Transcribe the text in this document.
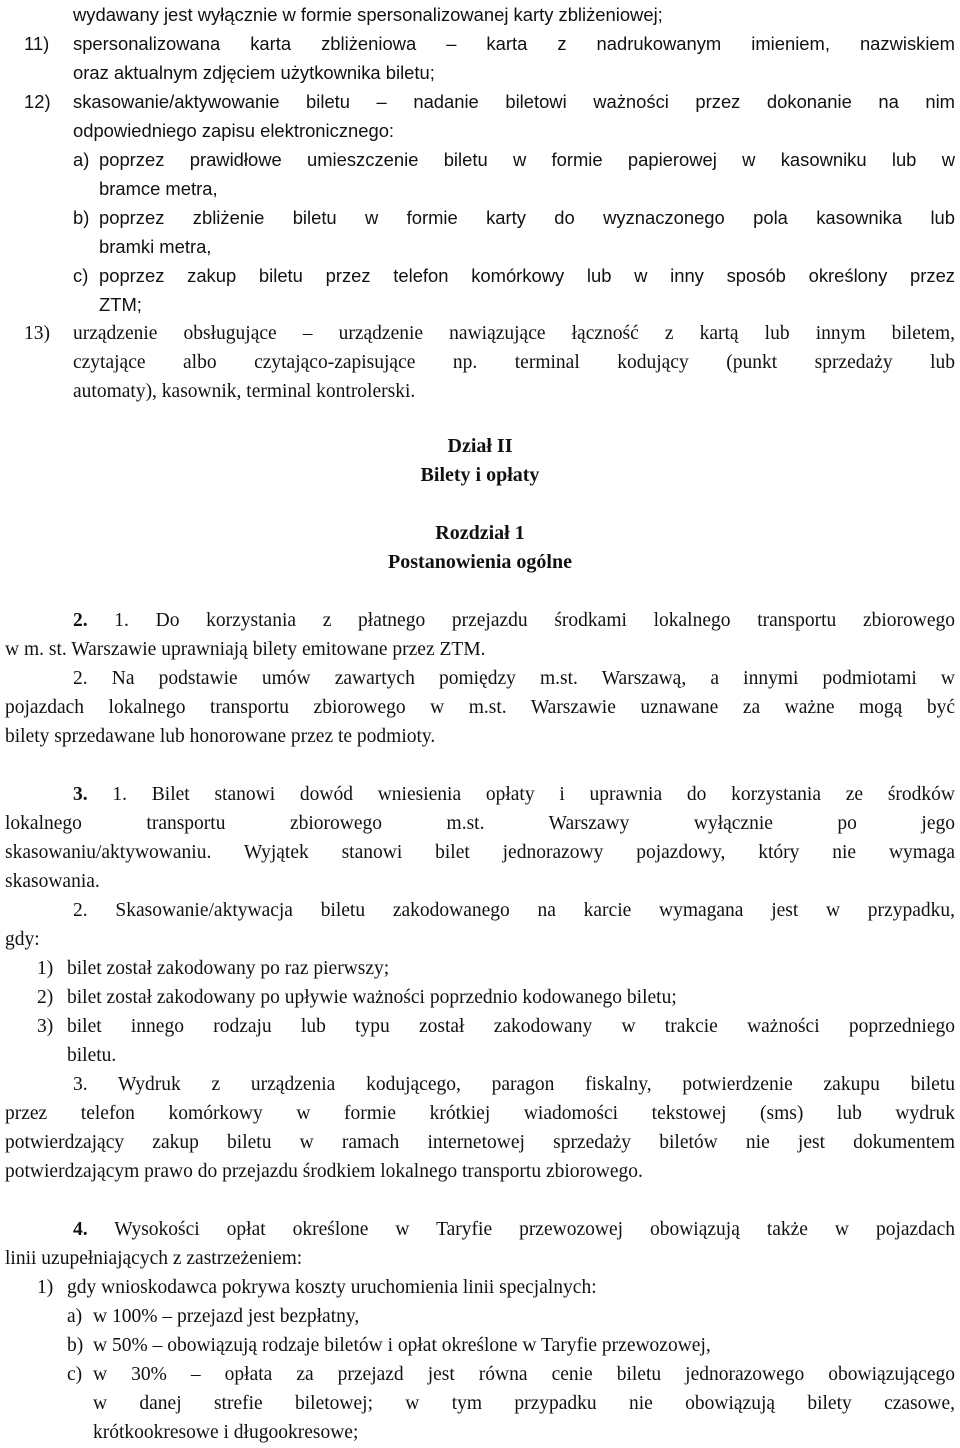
wydawany jest wyłącznie w formie spersonalizowanej karty zbliżeniowej;
11) spersonalizowana karta zbliżeniowa – karta z nadrukowanym imieniem, nazwiskiem
oraz aktualnym zdjęciem użytkownika biletu;
12) skasowanie/aktywowanie biletu – nadanie biletowi ważności przez dokonanie na nim
odpowiedniego zapisu elektronicznego:
a) poprzez prawidłowe umieszczenie biletu w formie papierowej w kasowniku lub w
bramce metra,
b) poprzez zbliżenie biletu w formie karty do wyznaczonego pola kasownika lub
bramki metra,
c) poprzez zakup biletu przez telefon komórkowy lub w inny sposób określony przez
ZTM;
13) urządzenie obsługujące – urządzenie nawiązujące łączność z kartą lub innym biletem,
czytające albo czytająco-zapisujące np. terminal kodujący (punkt sprzedaży lub
automaty), kasownik, terminal kontrolerski.
Dział II
Bilety i opłaty
Rozdział 1
Postanowienia ogólne
2. 1. Do korzystania z płatnego przejazdu środkami lokalnego transportu zbiorowego
w m. st. Warszawie uprawniają bilety emitowane przez ZTM.
2. Na podstawie umów zawartych pomiędzy m.st. Warszawą, a innymi podmiotami w
pojazdach lokalnego transportu zbiorowego w m.st. Warszawie uznawane za ważne mogą być
bilety sprzedawane lub honorowane przez te podmioty.
3. 1. Bilet stanowi dowód wniesienia opłaty i uprawnia do korzystania ze środków
lokalnego transportu zbiorowego m.st. Warszawy wyłącznie po jego
skasowaniu/aktywowaniu. Wyjątek stanowi bilet jednorazowy pojazdowy, który nie wymaga
skasowania.
2. Skasowanie/aktywacja biletu zakodowanego na karcie wymagana jest w przypadku,
gdy:
1) bilet został zakodowany po raz pierwszy;
2) bilet został zakodowany po upływie ważności poprzednio kodowanego biletu;
3) bilet innego rodzaju lub typu został zakodowany w trakcie ważności poprzedniego
biletu.
3. Wydruk z urządzenia kodującego, paragon fiskalny, potwierdzenie zakupu biletu
przez telefon komórkowy w formie krótkiej wiadomości tekstowej (sms) lub wydruk
potwierdzający zakup biletu w ramach internetowej sprzedaży biletów nie jest dokumentem
potwierdzającym prawo do przejazdu środkiem lokalnego transportu zbiorowego.
4. Wysokości opłat określone w Taryfie przewozowej obowiązują także w pojazdach
linii uzupełniających z zastrzeżeniem:
1) gdy wnioskodawca pokrywa koszty uruchomienia linii specjalnych:
a) w 100% – przejazd jest bezpłatny,
b) w 50% – obowiązują rodzaje biletów i opłat określone w Taryfie przewozowej,
c) w 30% – opłata za przejazd jest równa cenie biletu jednorazowego obowiązującego
w danej strefie biletowej; w tym przypadku nie obowiązują bilety czasowe,
krótkookresowe i długookresowe;
